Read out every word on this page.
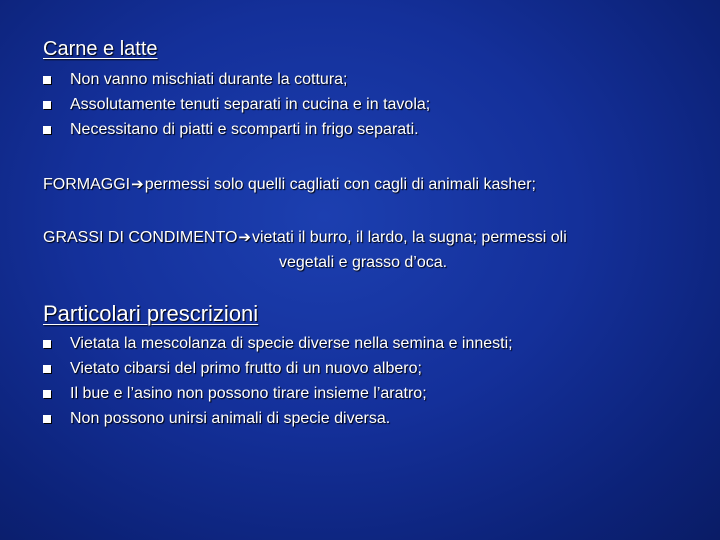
Carne e latte
Non vanno mischiati durante la cottura;
Assolutamente tenuti separati in cucina e in tavola;
Necessitano di piatti e scomparti in frigo separati.
FORMAGGI➔permessi solo quelli cagliati con cagli di animali kasher;
GRASSI DI CONDIMENTO➔vietati il burro, il lardo, la sugna; permessi oli
vegetali e grasso d’oca.
Particolari prescrizioni
Vietata la mescolanza di specie diverse nella semina e innesti;
Vietato cibarsi del primo frutto di un nuovo albero;
Il bue e l’asino non possono tirare insieme l’aratro;
Non possono unirsi animali di specie diversa.
